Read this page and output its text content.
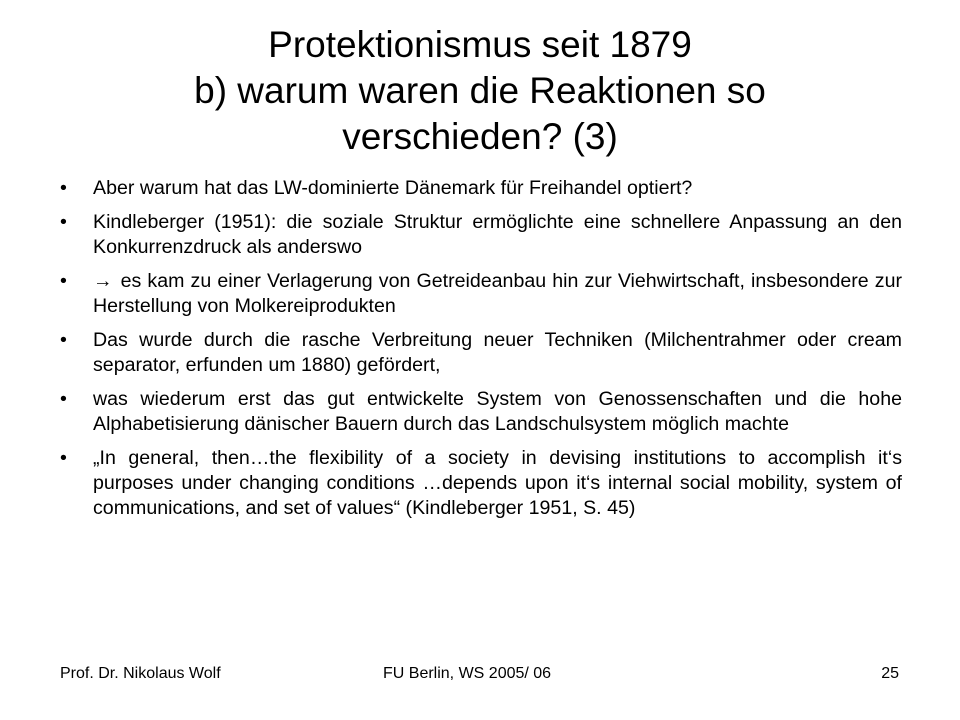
Protektionismus seit 1879
b) warum waren die Reaktionen so
verschieden? (3)
•	Aber warum hat das LW-dominierte Dänemark für Freihandel optiert?
•	Kindleberger (1951): die soziale Struktur ermöglichte eine schnellere Anpassung an den Konkurrenzdruck als anderswo
•	→ es kam zu einer Verlagerung von Getreideanbau hin zur Viehwirtschaft, insbesondere zur Herstellung von Molkereiprodukten
•	Das wurde durch die rasche Verbreitung neuer Techniken (Milchentrahmer oder cream separator, erfunden um 1880) gefördert,
•	was wiederum erst das gut entwickelte System von Genossenschaften und die hohe Alphabetisierung dänischer Bauern durch das Landschulsystem möglich machte
•	„In general, then…the flexibility of a society in devising institutions to accomplish it‘s purposes under changing conditions …depends upon it‘s internal social mobility, system of communications, and set of values“ (Kindleberger 1951, S. 45)
Prof. Dr. Nikolaus Wolf	FU Berlin, WS 2005/ 06	25
